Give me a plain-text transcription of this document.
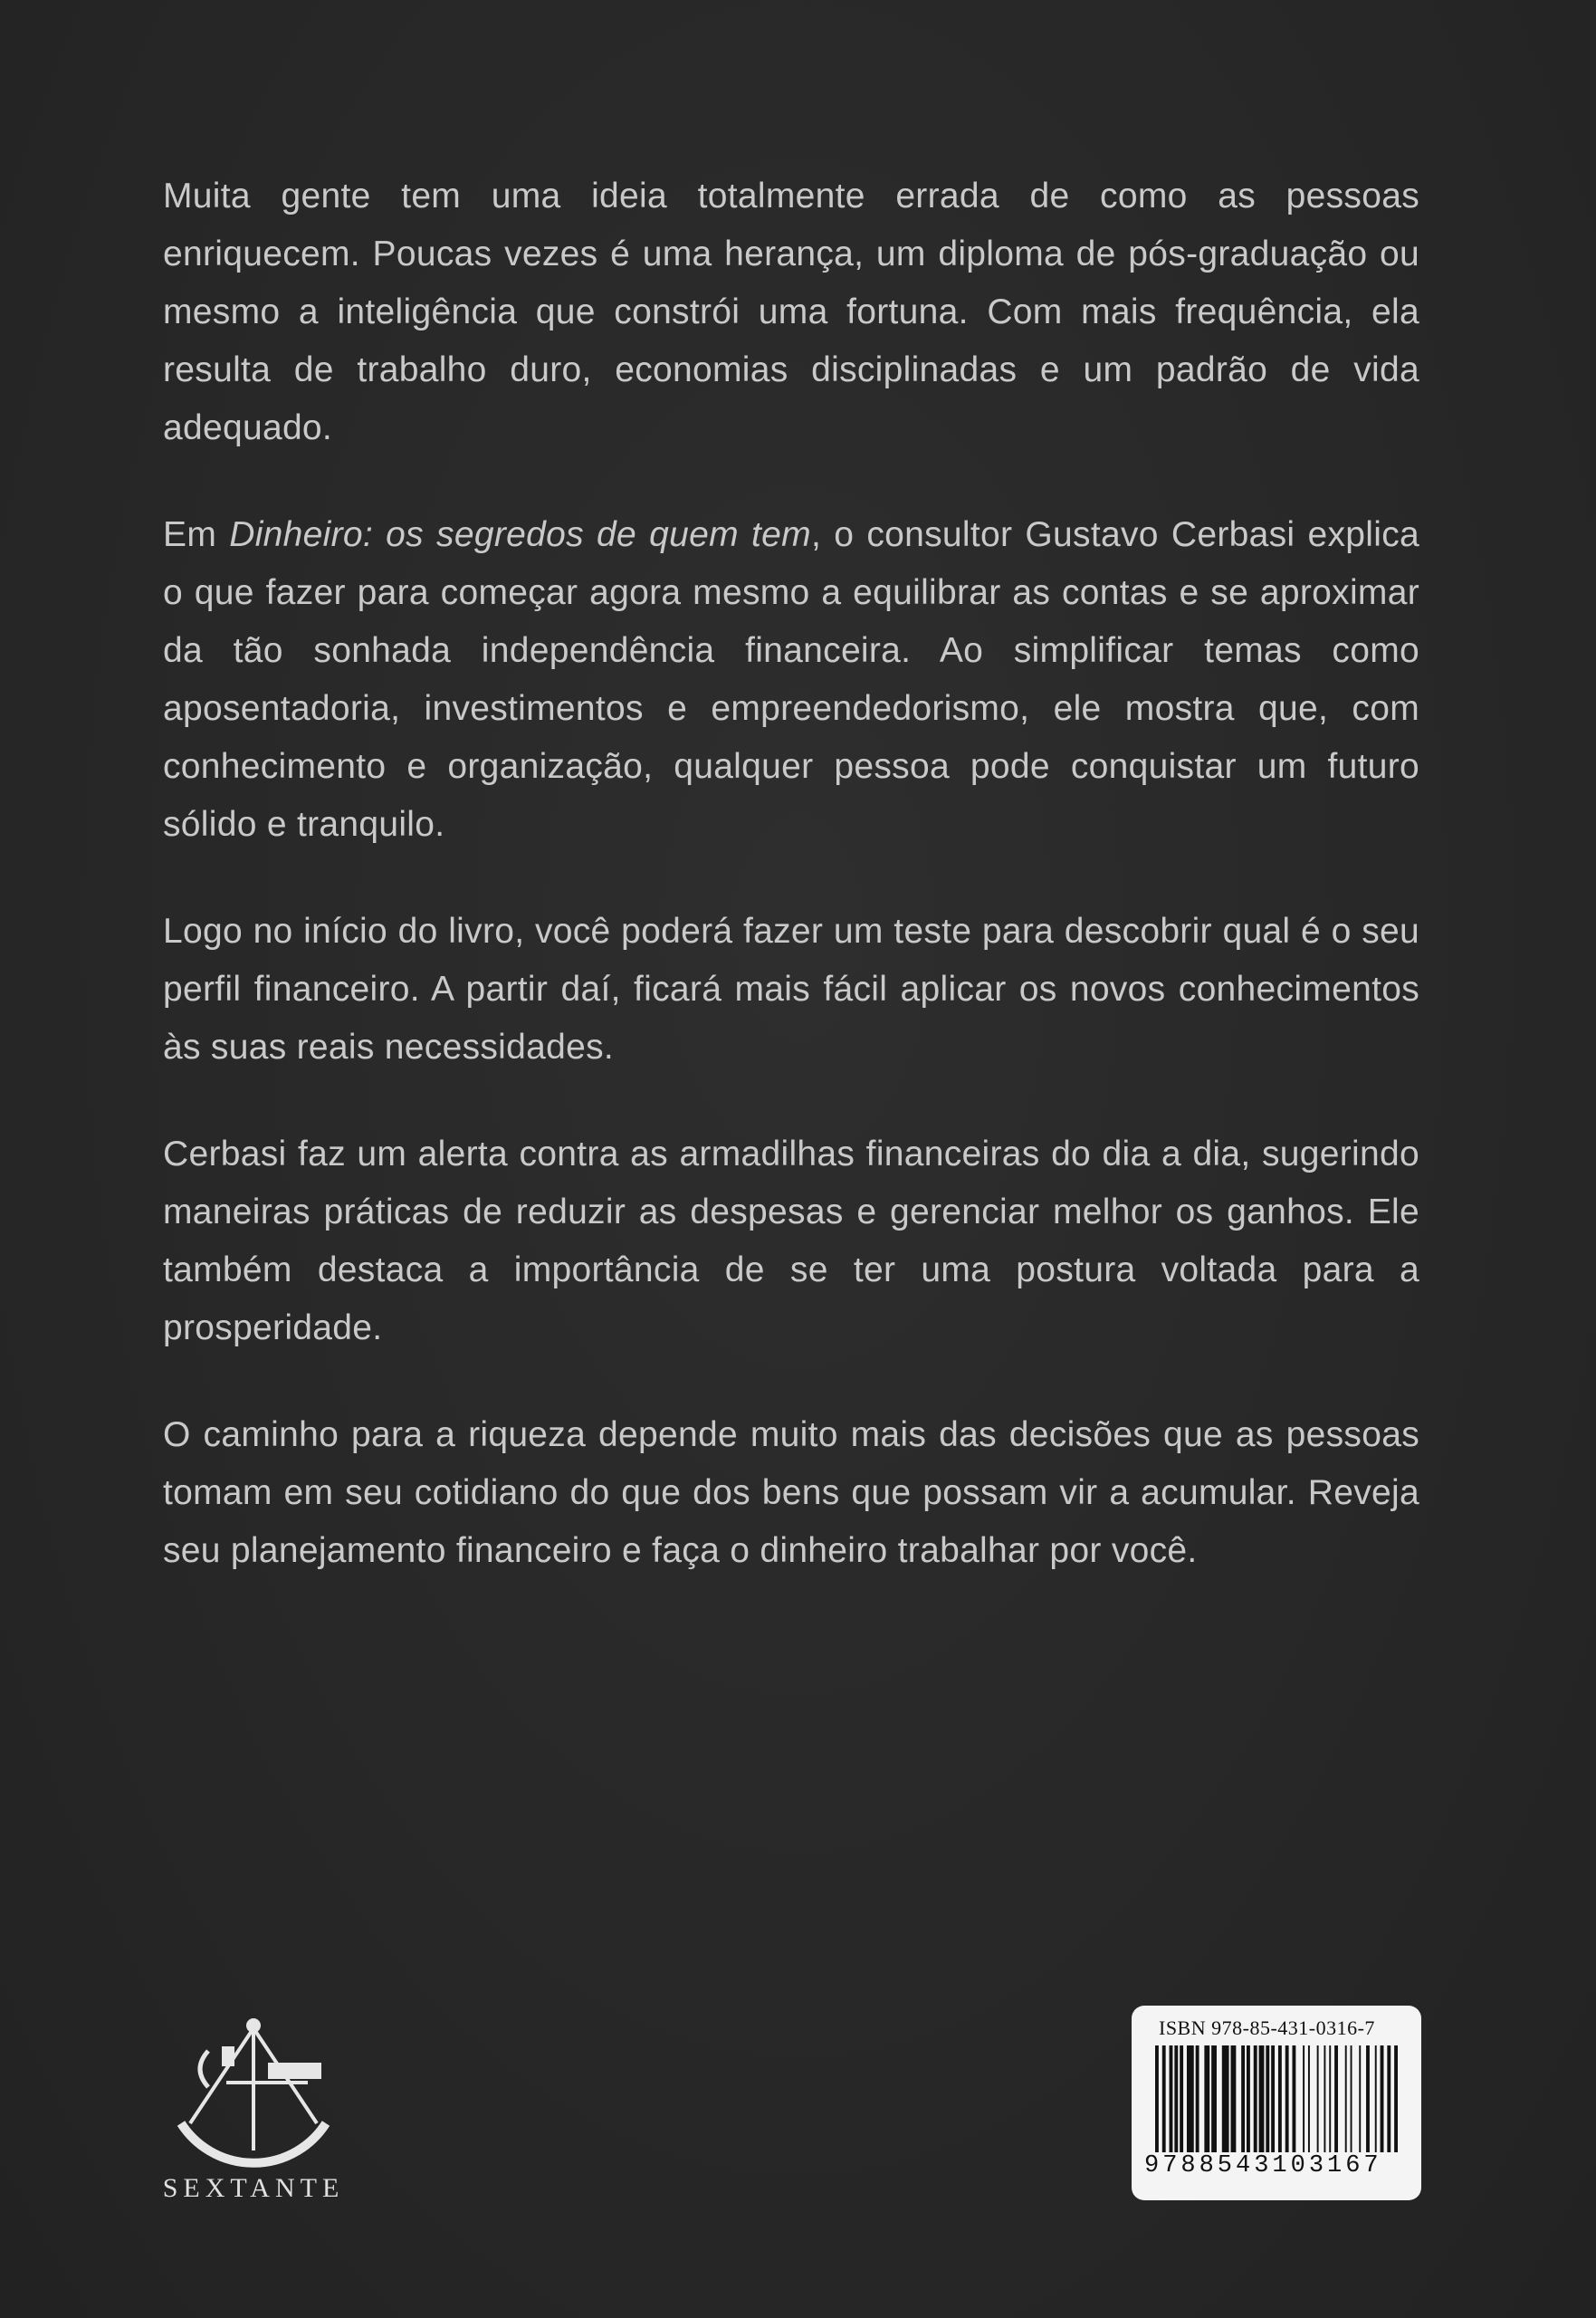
Muita gente tem uma ideia totalmente errada de como as pessoas enriquecem. Poucas vezes é uma herança, um diploma de pós-graduação ou mesmo a inteligência que constrói uma fortuna. Com mais frequência, ela resulta de trabalho duro, economias disciplinadas e um padrão de vida adequado.

Em Dinheiro: os segredos de quem tem, o consultor Gustavo Cerbasi explica o que fazer para começar agora mesmo a equilibrar as contas e se aproximar da tão sonhada independência financeira. Ao simplificar temas como aposentadoria, investimentos e empreendedorismo, ele mostra que, com conhecimento e organização, qualquer pessoa pode conquistar um futuro sólido e tranquilo.

Logo no início do livro, você poderá fazer um teste para descobrir qual é o seu perfil financeiro. A partir daí, ficará mais fácil aplicar os novos conhecimentos às suas reais necessidades.

Cerbasi faz um alerta contra as armadilhas financeiras do dia a dia, sugerindo maneiras práticas de reduzir as despesas e gerenciar melhor os ganhos. Ele também destaca a importância de se ter uma postura voltada para a prosperidade.

O caminho para a riqueza depende muito mais das decisões que as pessoas tomam em seu cotidiano do que dos bens que possam vir a acumular. Reveja seu planejamento financeiro e faça o dinheiro trabalhar por você.

SEXTANTE
ISBN 978-85-431-0316-7
9788543103167
